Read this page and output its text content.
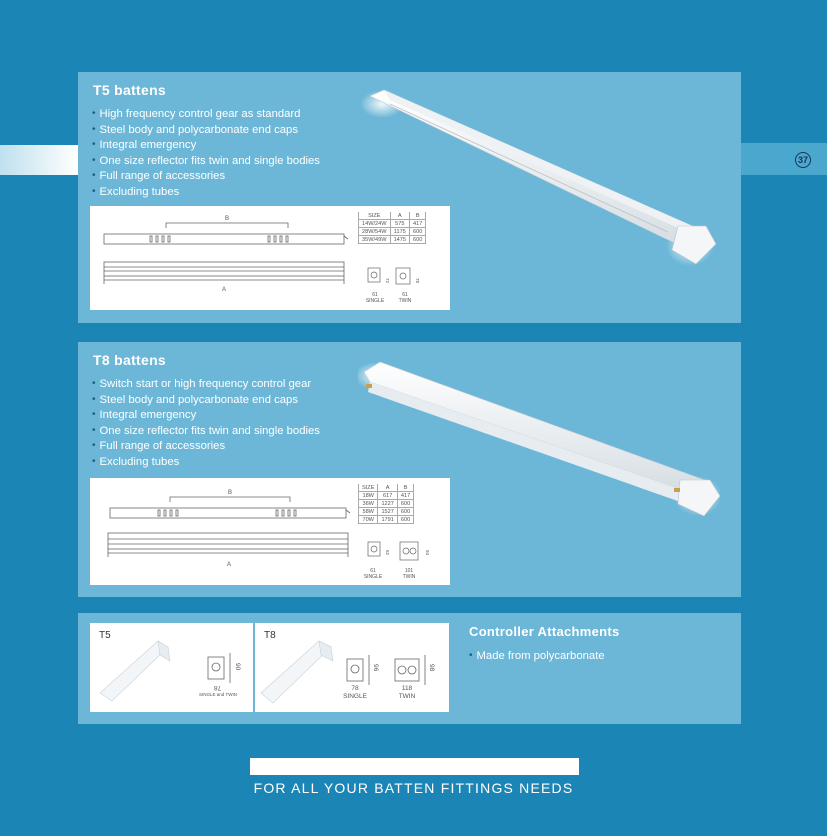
37
T5 battens
• High frequency control gear as standard
• Steel body and polycarbonate end caps
• Integral emergency
• One size reflector fits twin and single bodies
• Full range of accessories
• Excluding tubes
B
A
SIZE	A	B
14W/24W	575	417
28W/54W	1175	600
35W/49W	1475	600
72	78
61
SINGLE
61
TWIN
T8 battens
• Switch start or high frequency control gear
• Steel body and polycarbonate end caps
• Integral emergency
• One size reflector fits twin and single bodies
• Full range of accessories
• Excluding tubes
B
A
SIZE	A	B
18W	617	417
36W	1227	600
58W	1527	600
70W	1791	600
62	94
61
SINGLE
101
TWIN
T5
90
78
SINGLE and TWIN
T8
96	98
78
SINGLE
118
TWIN
Controller Attachments
• Made from polycarbonate
FOR ALL YOUR BATTEN FITTINGS NEEDS
